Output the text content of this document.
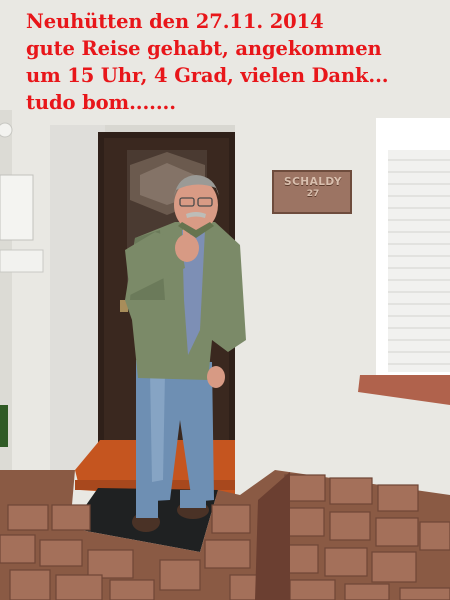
SCHALDY
27
Neuhütten den 27.11. 2014
gute Reise gehabt, angekommen
um 15 Uhr, 4 Grad, vielen Dank...
tudo bom.......
